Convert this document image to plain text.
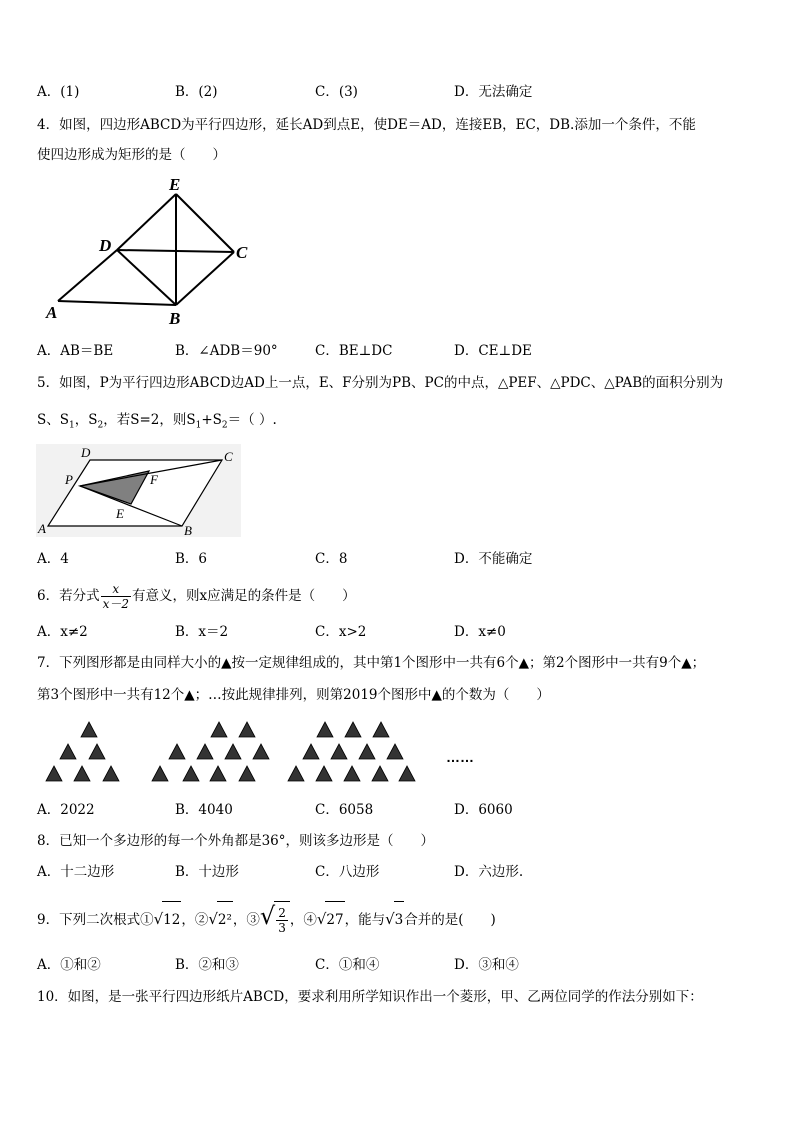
A．(1)	B．(2)	C．(3)	D．无法确定
4．如图，四边形ABCD为平行四边形，延长AD到点E，使DE＝AD，连接EB，EC，DB.添加一个条件，不能
使四边形成为矩形的是（　　）
E
D	C
A	B
A．AB＝BE	B．∠ADB＝90°	C．BE⊥DC	D．CE⊥DE
5．如图，P为平行四边形ABCD边AD上一点，E、F分别为PB、PC的中点，△PEF、△PDC、△PAB的面积分别为
S、$S_1$，$S_2$，若S=2，则$S_1+S_2=$（ ）.
D	C
P	F
E
A	B
A．4	B．6	C．8	D．不能确定
6．若分式 $\frac{x}{x-2}$ 有意义，则x应满足的条件是（　　）
A．x≠2	B．x＝2	C．x>2	D．x≠0
7．下列图形都是由同样大小的▲按一定规律组成的，其中第1个图形中一共有6个▲；第2个图形中一共有9个▲；
第3个图形中一共有12个▲；…按此规律排列，则第2019个图形中▲的个数为（　　）
……
A．2022	B．4040	C．6058	D．6060
8．已知一个多边形的每一个外角都是36°，则该多边形是（　　）
A．十二边形	B．十边形	C．八边形	D．六边形.
9．下列二次根式①√12，②√2²，③√ $\frac{2}{3}$ ，④√27，能与√3合并的是(　　)
A．①和②	B．②和③	C．①和④	D．③和④
10．如图，是一张平行四边形纸片ABCD，要求利用所学知识作出一个菱形，甲、乙两位同学的作法分别如下：
